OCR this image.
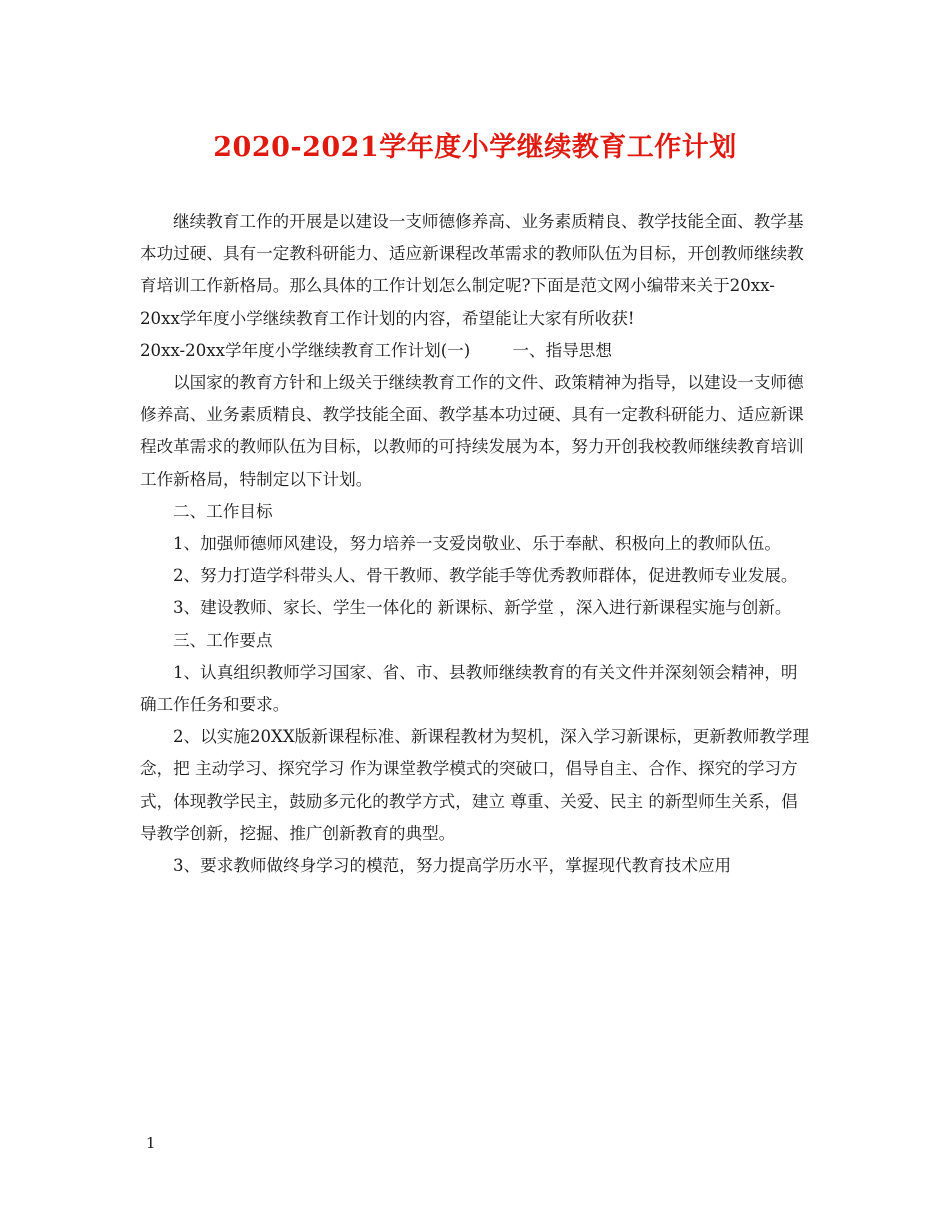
2020-2021学年度小学继续教育工作计划

继续教育工作的开展是以建设一支师德修养高、业务素质精良、教学技能全面、教学基本功过硬、具有一定教科研能力、适应新课程改革需求的教师队伍为目标，开创教师继续教育培训工作新格局。那么具体的工作计划怎么制定呢?下面是范文网小编带来关于20xx-20xx学年度小学继续教育工作计划的内容，希望能让大家有所收获!

20xx-20xx学年度小学继续教育工作计划(一)        一、指导思想

以国家的教育方针和上级关于继续教育工作的文件、政策精神为指导，以建设一支师德修养高、业务素质精良、教学技能全面、教学基本功过硬、具有一定教科研能力、适应新课程改革需求的教师队伍为目标，以教师的可持续发展为本，努力开创我校教师继续教育培训工作新格局，特制定以下计划。

二、工作目标

1、加强师德师风建设，努力培养一支爱岗敬业、乐于奉献、积极向上的教师队伍。

2、努力打造学科带头人、骨干教师、教学能手等优秀教师群体，促进教师专业发展。

3、建设教师、家长、学生一体化的 新课标、新学堂 ，深入进行新课程实施与创新。

三、工作要点

1、认真组织教师学习国家、省、市、县教师继续教育的有关文件并深刻领会精神，明确工作任务和要求。

2、以实施20XX版新课程标准、新课程教材为契机，深入学习新课标，更新教师教学理念，把 主动学习、探究学习 作为课堂教学模式的突破口，倡导自主、合作、探究的学习方式，体现教学民主，鼓励多元化的教学方式，建立 尊重、关爱、民主 的新型师生关系，倡导教学创新，挖掘、推广创新教育的典型。

3、要求教师做终身学习的模范，努力提高学历水平，掌握现代教育技术应用

1
